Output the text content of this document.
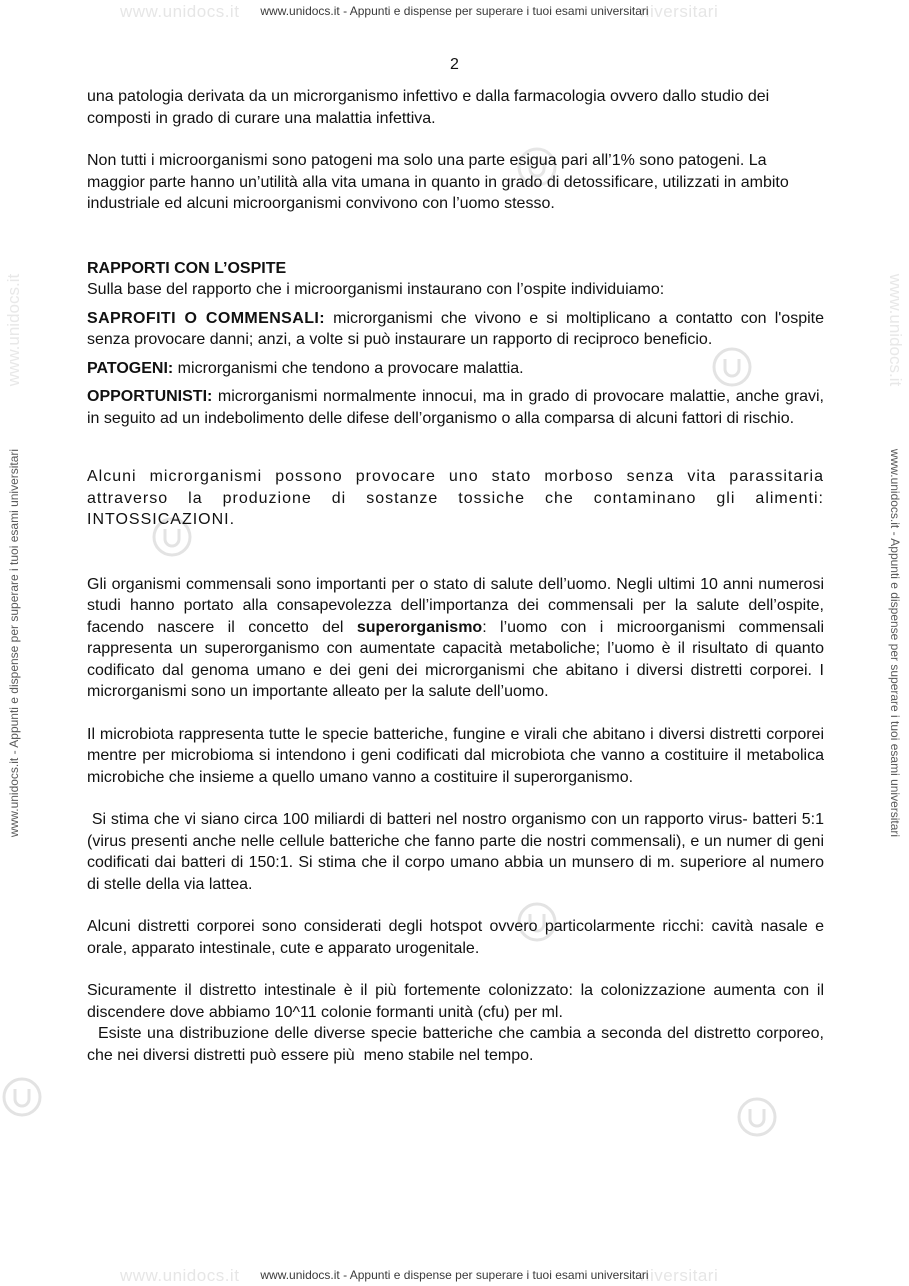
www.unidocs.it	niversitari
www.unidocs.it	niversitari
www.unidocs.it	www.unidocs.it
www.unidocs.it - Appunti e dispense per superare i tuoi esami universitari
www.unidocs.it - Appunti e dispense per superare i tuoi esami universitari
www.unidocs.it - Appunti e dispense per superare i tuoi esami universitari	www.unidocs.it - Appunti e dispense per superare i tuoi esami universitari
2

una patologia derivata da un microrganismo infettivo e dalla farmacologia ovvero dallo studio dei composti in grado di curare una malattia infettiva.

Non tutti i microorganismi sono patogeni ma solo una parte esigua pari all’1% sono patogeni. La maggior parte hanno un’utilità alla vita umana in quanto in grado di detossificare, utilizzati in ambito industriale ed alcuni microorganismi convivono con l’uomo stesso.

RAPPORTI CON L’OSPITE

Sulla base del rapporto che i microorganismi instaurano con l’ospite individuiamo:

SAPROFITI O COMMENSALI: microrganismi che vivono e si moltiplicano a contatto con l'ospite senza provocare danni; anzi, a volte si può instaurare un rapporto di reciproco beneficio.

PATOGENI: microrganismi che tendono a provocare malattia.

OPPORTUNISTI: microrganismi normalmente innocui, ma in grado di provocare malattie, anche gravi, in seguito ad un indebolimento delle difese dell’organismo o alla comparsa di alcuni fattori di rischio.

Alcuni microrganismi possono provocare uno stato morboso senza vita parassitaria attraverso la produzione di sostanze tossiche che contaminano gli alimenti: INTOSSICAZIONI.

Gli organismi commensali sono importanti per o stato di salute dell’uomo. Negli ultimi 10 anni numerosi studi hanno portato alla consapevolezza dell’importanza dei commensali per la salute dell’ospite, facendo nascere il concetto del superorganismo: l’uomo con i microorganismi commensali rappresenta un superorganismo con aumentate capacità metaboliche; l’uomo è il risultato di quanto codificato dal genoma umano e dei geni dei microrganismi che abitano i diversi distretti corporei. I microrganismi sono un importante alleato per la salute dell’uomo.

Il microbiota rappresenta tutte le specie batteriche, fungine e virali che abitano i diversi distretti corporei mentre per microbioma si intendono i geni codificati dal microbiota che vanno a costituire il metabolica microbiche che insieme a quello umano vanno a costituire il superorganismo.

Si stima che vi siano circa 100 miliardi di batteri nel nostro organismo con un rapporto virus- batteri 5:1 (virus presenti anche nelle cellule batteriche che fanno parte die nostri commensali), e un numer di geni codificati dai batteri di 150:1. Si stima che il corpo umano abbia un munsero di m. superiore al numero di stelle della via lattea.

Alcuni distretti corporei sono considerati degli hotspot ovvero particolarmente ricchi: cavità nasale e orale, apparato intestinale, cute e apparato urogenitale.

Sicuramente il distretto intestinale è il più fortemente colonizzato: la colonizzazione aumenta con il discendere dove abbiamo 10^11 colonie formanti unità (cfu) per ml.

Esiste una distribuzione delle diverse specie batteriche che cambia a seconda del distretto corporeo, che nei diversi distretti può essere più  meno stabile nel tempo.
